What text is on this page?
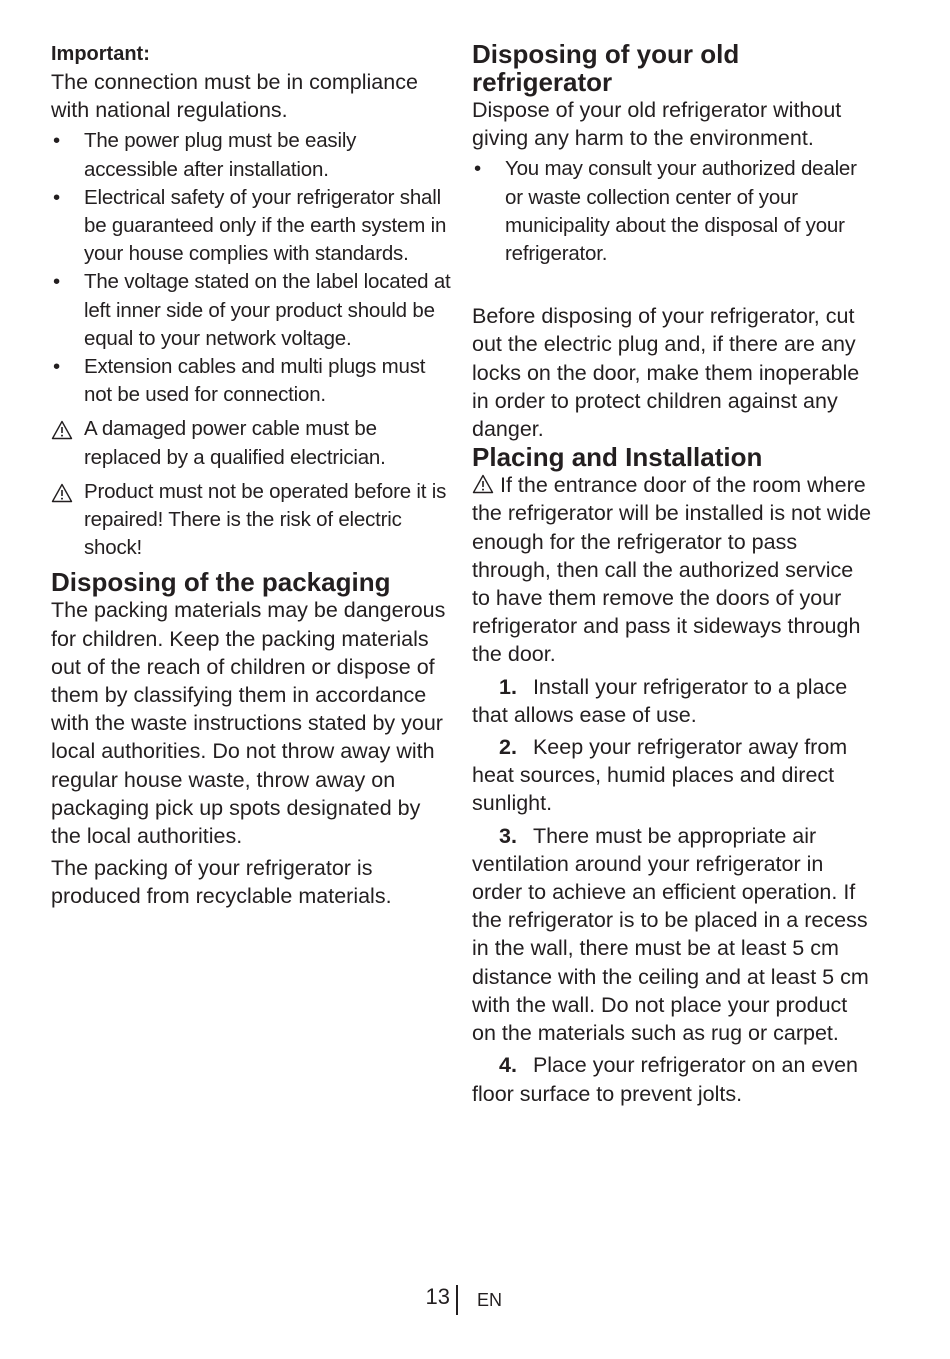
Important:

The connection must be in compliance with national regulations.

• The power plug must be easily accessible after installation.
• Electrical safety of your refrigerator shall be guaranteed only if the earth system in your house complies with standards.
• The voltage stated on the label located at left inner side of your product should be equal to your network voltage.
• Extension cables and multi plugs must not be used for connection.
A damaged power cable must be replaced by a qualified electrician.
Product must not be operated before it is repaired! There is the risk of electric shock!
Disposing of the packaging

The packing materials may be dangerous for children. Keep the packing materials out of the reach of children or dispose of them by classifying them in accordance with the waste instructions stated by your local authorities. Do not throw away with regular house waste, throw away on packaging pick up spots designated by the local authorities.

The packing of your refrigerator is produced from recyclable materials.

Disposing of your old refrigerator

Dispose of your old refrigerator without giving any harm to the environment.

• You may consult your authorized dealer or waste collection center of your municipality about the disposal of your refrigerator.

Before disposing of your refrigerator, cut out the electric plug and, if there are any locks on the door, make them inoperable in order to protect children against any danger.

Placing and Installation

If the entrance door of the room where the refrigerator will be installed is not wide enough for the refrigerator to pass through, then call the authorized service to have them remove the doors of your refrigerator and pass it sideways through the door.

1. Install your refrigerator to a place that allows ease of use.

2. Keep your refrigerator away from heat sources, humid places and direct sunlight.

3. There must be appropriate air ventilation around your refrigerator in order to achieve an efficient operation. If the refrigerator is to be placed in a recess in the wall, there must be at least 5 cm distance with the ceiling and at least 5 cm with the wall. Do not place your product on the materials such as rug or carpet.

4. Place your refrigerator on an even floor surface to prevent jolts.

13 EN
